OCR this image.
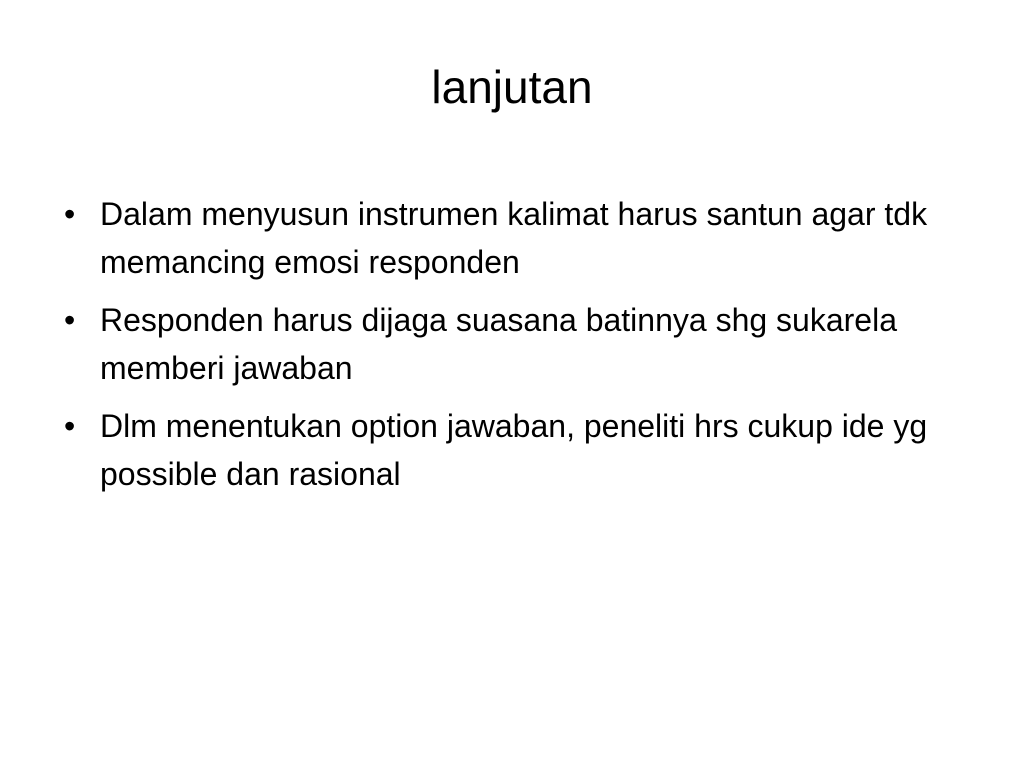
lanjutan
• Dalam menyusun instrumen kalimat harus santun agar tdk memancing emosi responden
• Responden harus dijaga suasana batinnya shg sukarela memberi jawaban
• Dlm menentukan option jawaban, peneliti hrs cukup ide yg possible dan rasional
